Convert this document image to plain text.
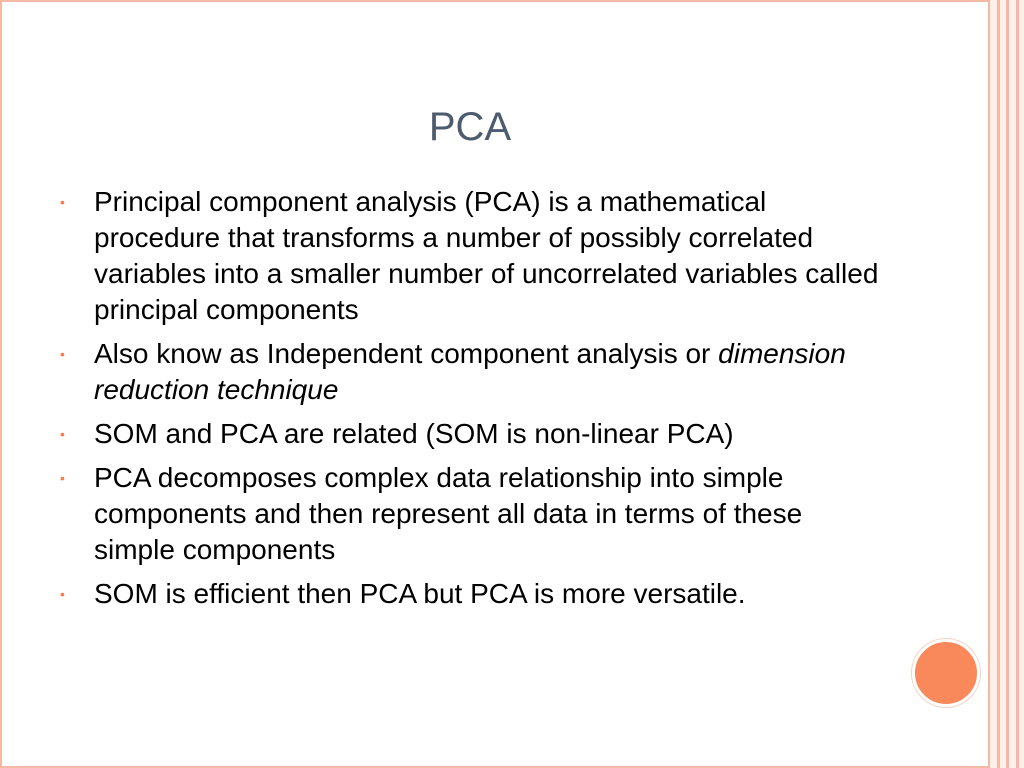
PCA
•	Principal component analysis (PCA) is a mathematical procedure that transforms a number of possibly correlated variables into a smaller number of uncorrelated variables called principal components
•	Also know as Independent component analysis or dimension reduction technique
•	SOM and PCA are related (SOM is non-linear PCA)
•	PCA decomposes complex data relationship into simple components and then represent all data in terms of these simple components
•	SOM is efficient then PCA but PCA is more versatile.
